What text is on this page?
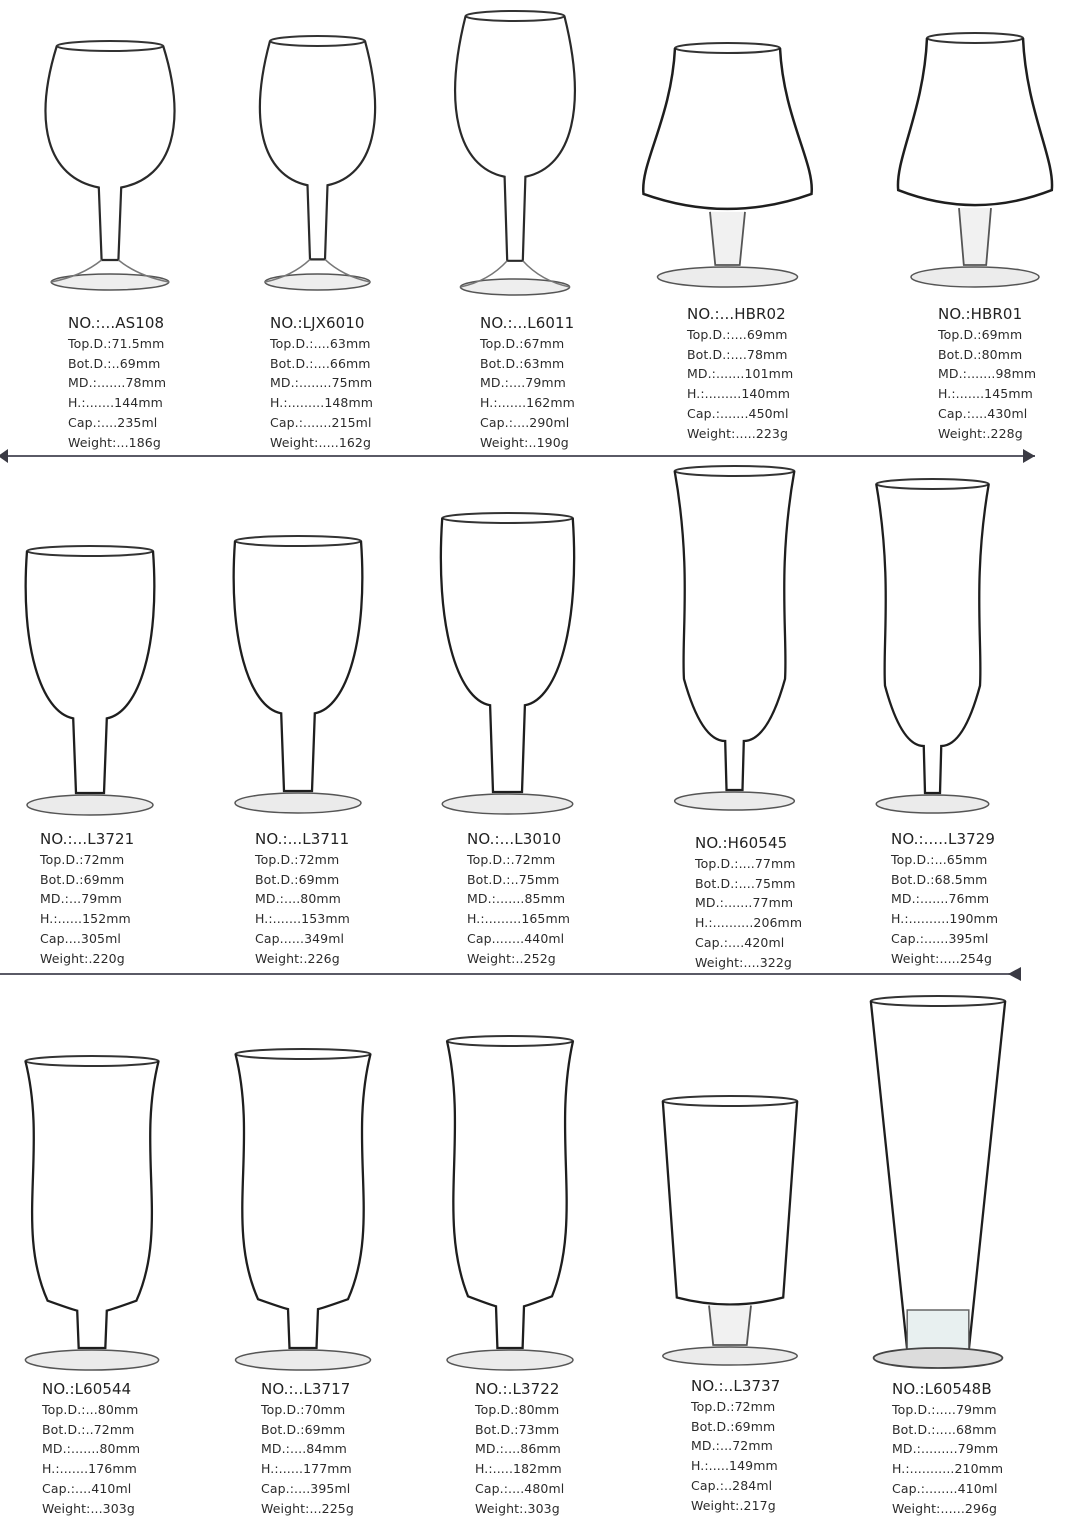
NO.:...AS108
Top.D.:71.5mm
Bot.D.:..69mm
MD.:.......78mm
H.:.......144mm
Cap.:....235ml
Weight:...186g
NO.:LJX6010
Top.D.:....63mm
Bot.D.:....66mm
MD.:........75mm
H.:.........148mm
Cap.:.......215ml
Weight:.....162g
NO.:...L6011
Top.D.:67mm
Bot.D.:63mm
MD.:....79mm
H.:.......162mm
Cap.:....290ml
Weight:..190g
NO.:...HBR02
Top.D.:....69mm
Bot.D.:....78mm
MD.:.......101mm
H.:.........140mm
Cap.:.......450ml
Weight:.....223g
NO.:HBR01
Top.D.:69mm
Bot.D.:80mm
MD.:.......98mm
H.:.......145mm
Cap.:....430ml
Weight:.228g
NO.:...L3721
Top.D.:72mm
Bot.D.:69mm
MD.:...79mm
H.:......152mm
Cap....305ml
Weight:.220g
NO.:...L3711
Top.D.:72mm
Bot.D.:69mm
MD.:....80mm
H.:.......153mm
Cap......349ml
Weight:.226g
NO.:...L3010
Top.D.:.72mm
Bot.D.:..75mm
MD.:.......85mm
H.:.........165mm
Cap........440ml
Weight:..252g
NO.:H60545
Top.D.:....77mm
Bot.D.:....75mm
MD.:.......77mm
H.:..........206mm
Cap.:....420ml
Weight:....322g
NO.:.....L3729
Top.D.:...65mm
Bot.D.:68.5mm
MD.:.......76mm
H.:..........190mm
Cap.:......395ml
Weight:.....254g
NO.:L60544
Top.D.:...80mm
Bot.D.:..72mm
MD.:.......80mm
H.:.......176mm
Cap.:....410ml
Weight:...303g
NO.:..L3717
Top.D.:70mm
Bot.D.:69mm
MD.:....84mm
H.:......177mm
Cap.:....395ml
Weight:...225g
NO.:.L3722
Top.D.:80mm
Bot.D.:73mm
MD.:....86mm
H.:.....182mm
Cap.:....480ml
Weight:.303g
NO.:..L3737
Top.D.:72mm
Bot.D.:69mm
MD.:...72mm
H.:.....149mm
Cap.:..284ml
Weight:.217g
NO.:L60548B
Top.D.:.....79mm
Bot.D.:.....68mm
MD.:.........79mm
H.:...........210mm
Cap.:........410ml
Weight:......296g
